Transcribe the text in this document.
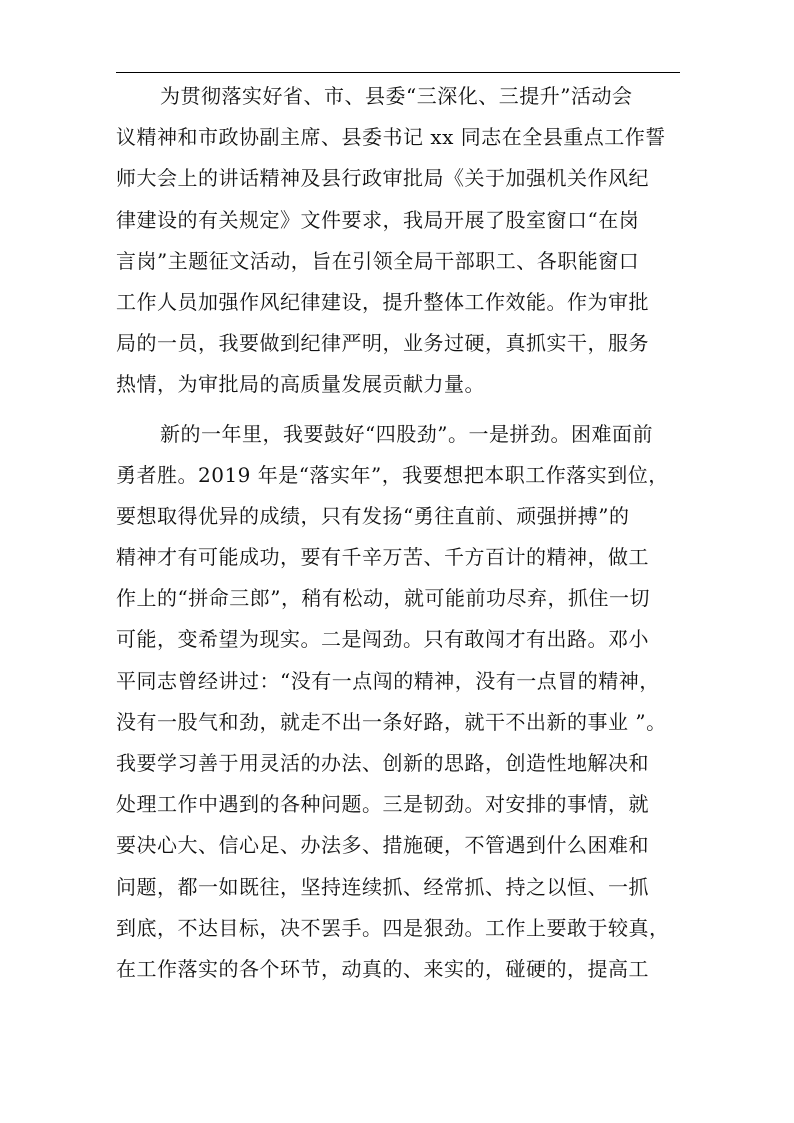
为贯彻落实好省、市、县委“三深化、三提升”活动会
议精神和市政协副主席、县委书记 xx 同志在全县重点工作誓
师大会上的讲话精神及县行政审批局《关于加强机关作风纪
律建设的有关规定》文件要求，我局开展了股室窗口“在岗
言岗”主题征文活动，旨在引领全局干部职工、各职能窗口
工作人员加强作风纪律建设，提升整体工作效能。作为审批
局的一员，我要做到纪律严明，业务过硬，真抓实干，服务
热情，为审批局的高质量发展贡献力量。
新的一年里，我要鼓好“四股劲”。一是拼劲。困难面前
勇者胜。2019 年是“落实年”，我要想把本职工作落实到位，
要想取得优异的成绩，只有发扬“勇往直前、顽强拼搏”的
精神才有可能成功，要有千辛万苦、千方百计的精神，做工
作上的“拼命三郎”，稍有松动，就可能前功尽弃，抓住一切
可能，变希望为现实。二是闯劲。只有敢闯才有出路。邓小
平同志曾经讲过：“没有一点闯的精神，没有一点冒的精神，
没有一股气和劲，就走不出一条好路，就干不出新的事业 ”。
我要学习善于用灵活的办法、创新的思路，创造性地解决和
处理工作中遇到的各种问题。三是韧劲。对安排的事情，就
要决心大、信心足、办法多、措施硬，不管遇到什么困难和
问题，都一如既往，坚持连续抓、经常抓、持之以恒、一抓
到底，不达目标，决不罢手。四是狠劲。工作上要敢于较真，
在工作落实的各个环节，动真的、来实的，碰硬的，提高工
